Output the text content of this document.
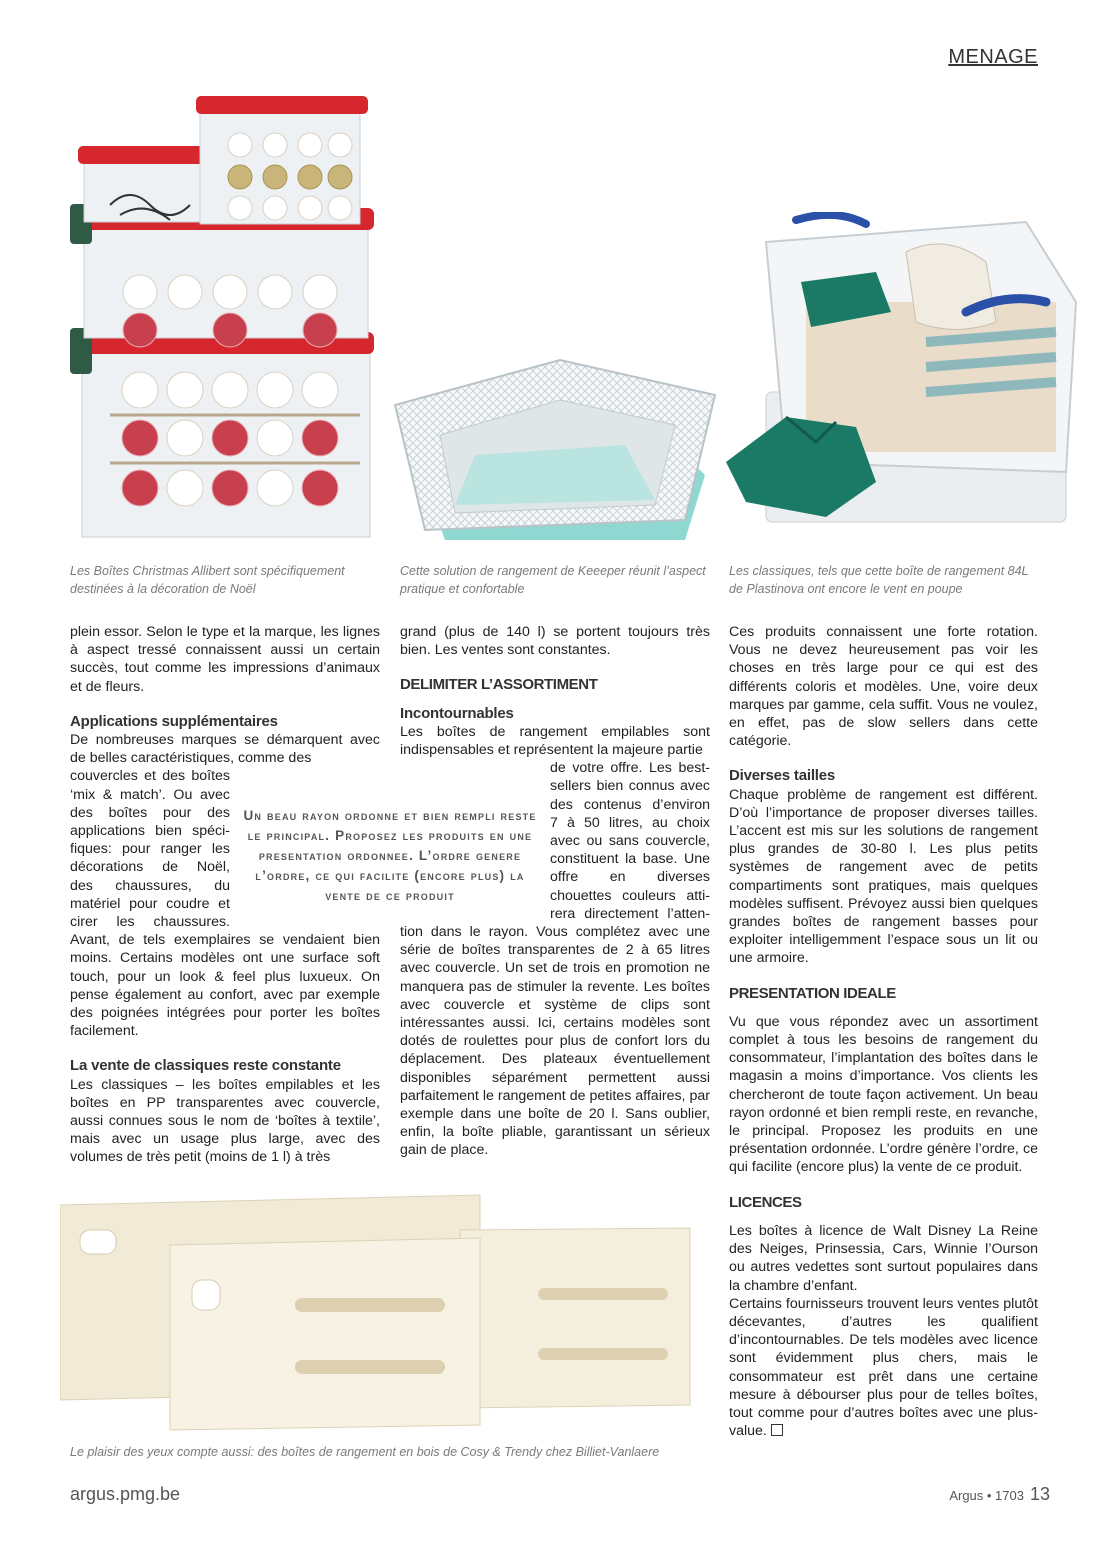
MENAGE
Les Boîtes Christmas Allibert sont spécifiquement destinées à la décoration de Noël
Cette solution de rangement de Keeeper réunit l’aspect pratique et confortable
Les classiques, tels que cette boîte de rangement 84L de Plastinova ont encore le vent en poupe

plein essor. Selon le type et la marque, les lignes à aspect tressé connaissent aussi un certain succès, tout comme les impressions d’animaux et de fleurs.

Applications supplémentaires

De nombreuses marques se démarquent avec de belles caractéristiques, comme des

couvercles et des boîtes
‘mix & match’. Ou avec
des boîtes pour des
applications bien spéci-
fiques: pour ranger les
décorations de Noël,
des chaussures, du
matériel pour coudre et
cirer les chaussures.

Avant, de tels exemplaires se vendaient bien moins. Certains modèles ont une surface soft touch, pour un look & feel plus luxueux. On pense également au confort, avec par exemple des poignées intégrées pour porter les boîtes facilement.

La vente de classiques reste constante

Les classiques – les boîtes empilables et les boîtes en PP transparentes avec couvercle, aussi connues sous le nom de ‘boîtes à textile’, mais avec un usage plus large, avec des volumes de très petit (moins de 1 l) à très

grand (plus de 140 l) se portent toujours très bien. Les ventes sont constantes.

DELIMITER L’ASSORTIMENT
Incontournables

Les boîtes de rangement empilables sont indispensables et représentent la majeure partie

de votre offre. Les best-
sellers bien connus avec
des contenus d’environ
7 à 50 litres, au choix
avec ou sans couvercle,
constituent la base. Une
offre en diverses
chouettes couleurs atti-
rera directement l’atten-

tion dans le rayon. Vous complétez avec une série de boîtes transparentes de 2 à 65 litres avec couvercle. Un set de trois en promotion ne manquera pas de stimuler la revente. Les boîtes avec couvercle et système de clips sont intéressantes aussi. Ici, certains modèles sont dotés de roulettes pour plus de confort lors du déplacement. Des plateaux éventuellement disponibles séparément permettent aussi parfaitement le rangement de petites affaires, par exemple dans une boîte de 20 l. Sans oublier, enfin, la boîte pliable, garantissant un sérieux gain de place.

Un beau rayon ordonne et bien rempli reste le principal. Proposez les produits en une presentation ordonnee. L’ordre genere l’ordre, ce qui facilite (encore plus) la vente de ce produit

Ces produits connaissent une forte rotation. Vous ne devez heureusement pas voir les choses en très large pour ce qui est des différents coloris et modèles. Une, voire deux marques par gamme, cela suffit. Vous ne voulez, en effet, pas de slow sellers dans cette catégorie.

Diverses tailles

Chaque problème de rangement est différent. D’où l’importance de proposer diverses tailles. L’accent est mis sur les solutions de rangement plus grandes de 30-80 l. Les plus petits systèmes de rangement avec de petits compartiments sont pratiques, mais quelques modèles suffisent. Prévoyez aussi bien quelques grandes boîtes de rangement basses pour exploiter intelligemment l’espace sous un lit ou une armoire.

PRESENTATION IDEALE

Vu que vous répondez avec un assortiment complet à tous les besoins de rangement du consommateur, l’implantation des boîtes dans le magasin a moins d’importance. Vos clients les chercheront de toute façon activement. Un beau rayon ordonné et bien rempli reste, en revanche, le principal. Proposez les produits en une présentation ordonnée. L’ordre génère l’ordre, ce qui facilite (encore plus) la vente de ce produit.

LICENCES

Les boîtes à licence de Walt Disney La Reine des Neiges, Prinsessia, Cars, Winnie l’Ourson ou autres vedettes sont surtout populaires dans la chambre d’enfant.

Certains fournisseurs trouvent leurs ventes plutôt décevantes, d’autres les qualifient d’incontournables. De tels modèles avec licence sont évidemment plus chers, mais le consommateur est prêt dans une certaine mesure à débourser plus pour de telles boîtes, tout comme pour d’autres boîtes avec une plus-value.

Le plaisir des yeux compte aussi: des boîtes de rangement en bois de Cosy & Trendy chez Billiet-Vanlaere
argus.pmg.be	Argus • 1703 13
